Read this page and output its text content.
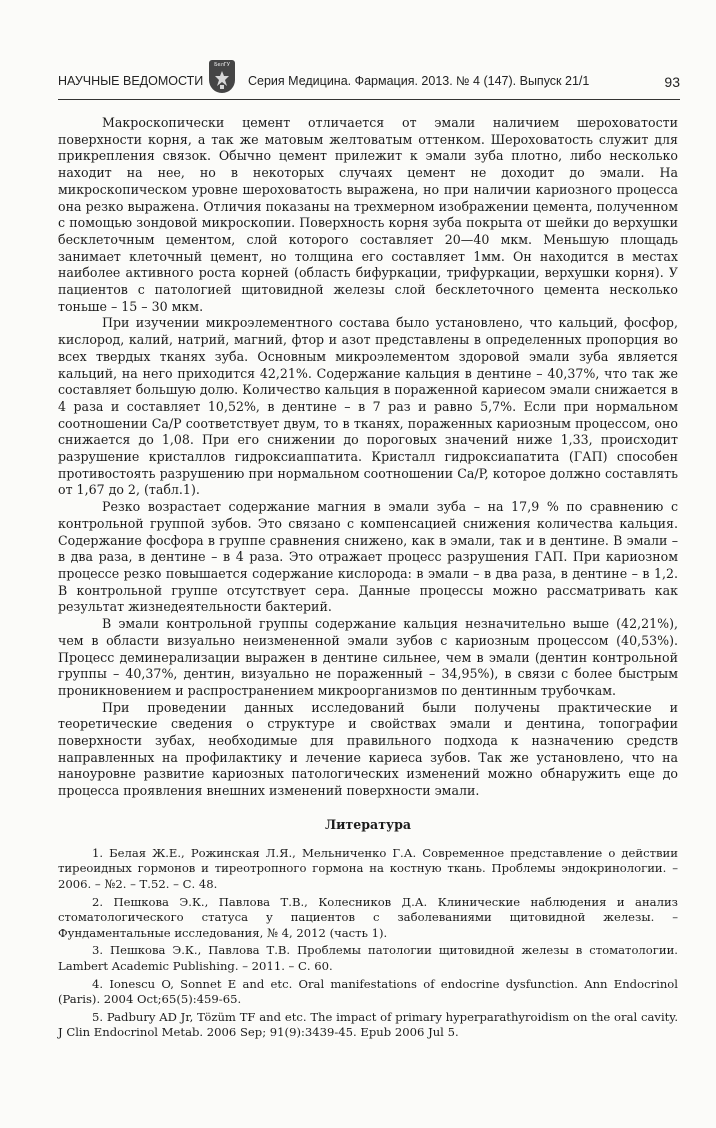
НАУЧНЫЕ ВЕДОМОСТИ
БелГУ
Серия Медицина. Фармация. 2013. № 4 (147). Выпуск 21/1	93

Макроскопически цемент отличается от эмали наличием шероховатости поверхности корня, а так же матовым желтоватым оттенком. Шероховатость служит для прикрепления связок. Обычно цемент прилежит к эмали зуба плотно, либо несколько находит на нее, но в некоторых случаях цемент не доходит до эмали. На микроскопическом уровне шероховатость выражена, но при наличии кариозного процесса она резко выражена. Отличия показаны на трехмерном изображении цемента, полученном с помощью зондовой микроскопии. Поверхность корня зуба покрыта от шейки до верхушки бесклеточным цементом, слой которого составляет 20—40 мкм. Меньшую площадь занимает клеточный цемент, но толщина его составляет 1мм. Он находится в местах наиболее активного роста корней (область бифуркации, трифуркации, верхушки корня). У пациентов с патологией щитовидной железы слой бесклеточного цемента несколько тоньше – 15 – 30 мкм.

При изучении микроэлементного состава было установлено, что кальций, фосфор, кислород, калий, натрий, магний, фтор и азот представлены в определенных пропорция во всех твердых тканях зуба. Основным микроэлементом здоровой эмали зуба является кальций, на него приходится 42,21%. Содержание кальция в дентине – 40,37%, что так же составляет большую долю. Количество кальция в пораженной кариесом эмали снижается в 4 раза и составляет 10,52%, в дентине – в 7 раз и равно 5,7%. Если при нормальном соотношении Ca/P соответствует двум, то в тканях, пораженных кариозным процессом, оно снижается до 1,08. При его снижении до пороговых значений ниже 1,33, происходит разрушение кристаллов гидроксиаппатита. Кристалл гидроксиапатита (ГАП) способен противостоять разрушению при нормальном соотношении Ca/P, которое должно составлять от 1,67 до 2, (табл.1).

Резко возрастает содержание магния в эмали зуба – на 17,9 % по сравнению с контрольной группой зубов. Это связано с компенсацией снижения количества кальция. Содержание фосфора в группе сравнения снижено, как в эмали, так и в дентине. В эмали – в два раза, в дентине – в 4 раза. Это отражает процесс разрушения ГАП. При кариозном процессе резко повышается содержание кислорода: в эмали – в два раза, в дентине – в 1,2. В контрольной группе отсутствует сера. Данные процессы можно рассматривать как результат жизнедеятельности бактерий.

В эмали контрольной группы содержание кальция незначительно выше (42,21%), чем в области визуально неизмененной эмали зубов с кариозным процессом (40,53%). Процесс деминерализации выражен в дентине сильнее, чем в эмали (дентин контрольной группы – 40,37%, дентин, визуально не пораженный – 34,95%), в связи с более быстрым проникновением и распространением микроорганизмов по дентинным трубочкам.

При проведении данных исследований были получены практические и теоретические сведения о структуре и свойствах эмали и дентина, топографии поверхности зубах, необходимые для правильного подхода к назначению средств направленных на профилактику и лечение кариеса зубов. Так же установлено, что на наноуровне развитие кариозных патологических изменений можно обнаружить еще до процесса проявления внешних изменений поверхности эмали.

Литература
1. Белая Ж.Е., Рожинская Л.Я., Мельниченко Г.А. Современное представление о действии тиреоидных гормонов и тиреотропного гормона на костную ткань. Проблемы эндокринологии. – 2006. – №2. – Т.52. – С. 48.
2. Пешкова Э.К., Павлова Т.В., Колесников Д.А. Клинические наблюдения и анализ стоматологического статуса у пациентов с заболеваниями щитовидной железы. – Фундаментальные исследования, № 4, 2012 (часть 1).
3. Пешкова Э.К., Павлова Т.В. Проблемы патологии щитовидной железы в стоматологии. Lambert Academic Publishing. – 2011. – С. 60.
4. Ionescu O, Sonnet E and etc. Oral manifestations of endocrine dysfunction. Ann Endocrinol (Paris). 2004 Oct;65(5):459-65.
5. Padbury AD Jr, Tözüm TF and etc. The impact of primary hyperparathyroidism on the oral cavity. J Clin Endocrinol Metab. 2006 Sep; 91(9):3439-45. Epub 2006 Jul 5.
